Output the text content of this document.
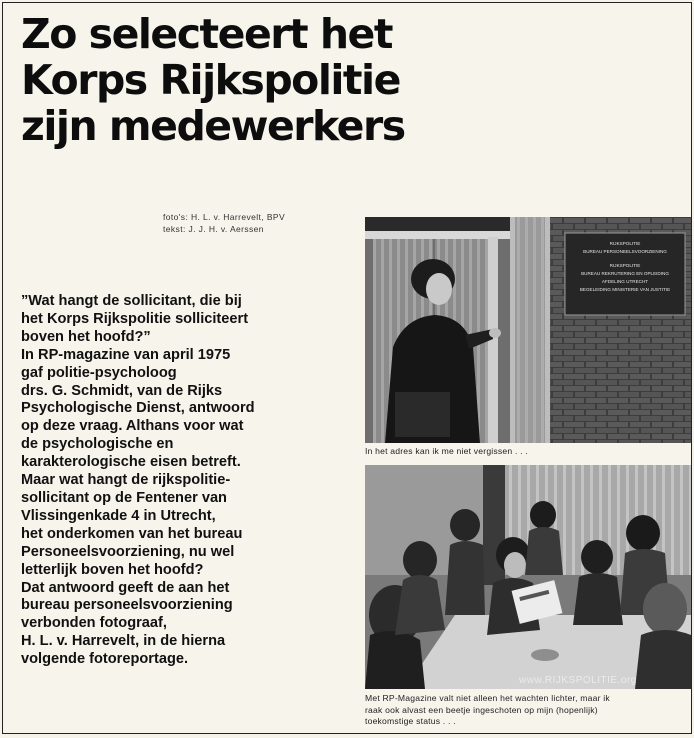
Zo selecteert het
Korps Rijkspolitie
zijn medewerkers
foto's: H. L. v. Harrevelt, BPV
tekst: J. J. H. v. Aerssen
”Wat hangt de sollicitant, die bij
het Korps Rijkspolitie solliciteert
boven het hoofd?”
In RP-magazine van april 1975
gaf politie-psycholoog
drs. G. Schmidt, van de Rijks
Psychologische Dienst, antwoord
op deze vraag. Althans voor wat
de psychologische en
karakterologische eisen betreft.
Maar wat hangt de rijkspolitie-
sollicitant op de Fentener van
Vlissingenkade 4 in Utrecht,
het onderkomen van het bureau
Personeelsvoorziening, nu wel
letterlijk boven het hoofd?
Dat antwoord geeft de aan het
bureau personeelsvoorziening
verbonden fotograaf,
H. L. v. Harrevelt, in de hierna
volgende fotoreportage.
RIJKSPOLITIE
BUREAU PERSONEELSVOORZIENING
RIJKSPOLITIE
BUREAU REKRUTERING EN OPLEIDING
AFDELING UTRECHT
BEGELEIDING MINISTERIE VAN JUSTITIE
In het adres kan ik me niet vergissen . . .
www.RIJKSPOLITIE.org
Met RP-Magazine valt niet alleen het wachten lichter, maar ik
raak ook alvast een beetje ingeschoten op mijn (hopenlijk)
toekomstige status . . .
